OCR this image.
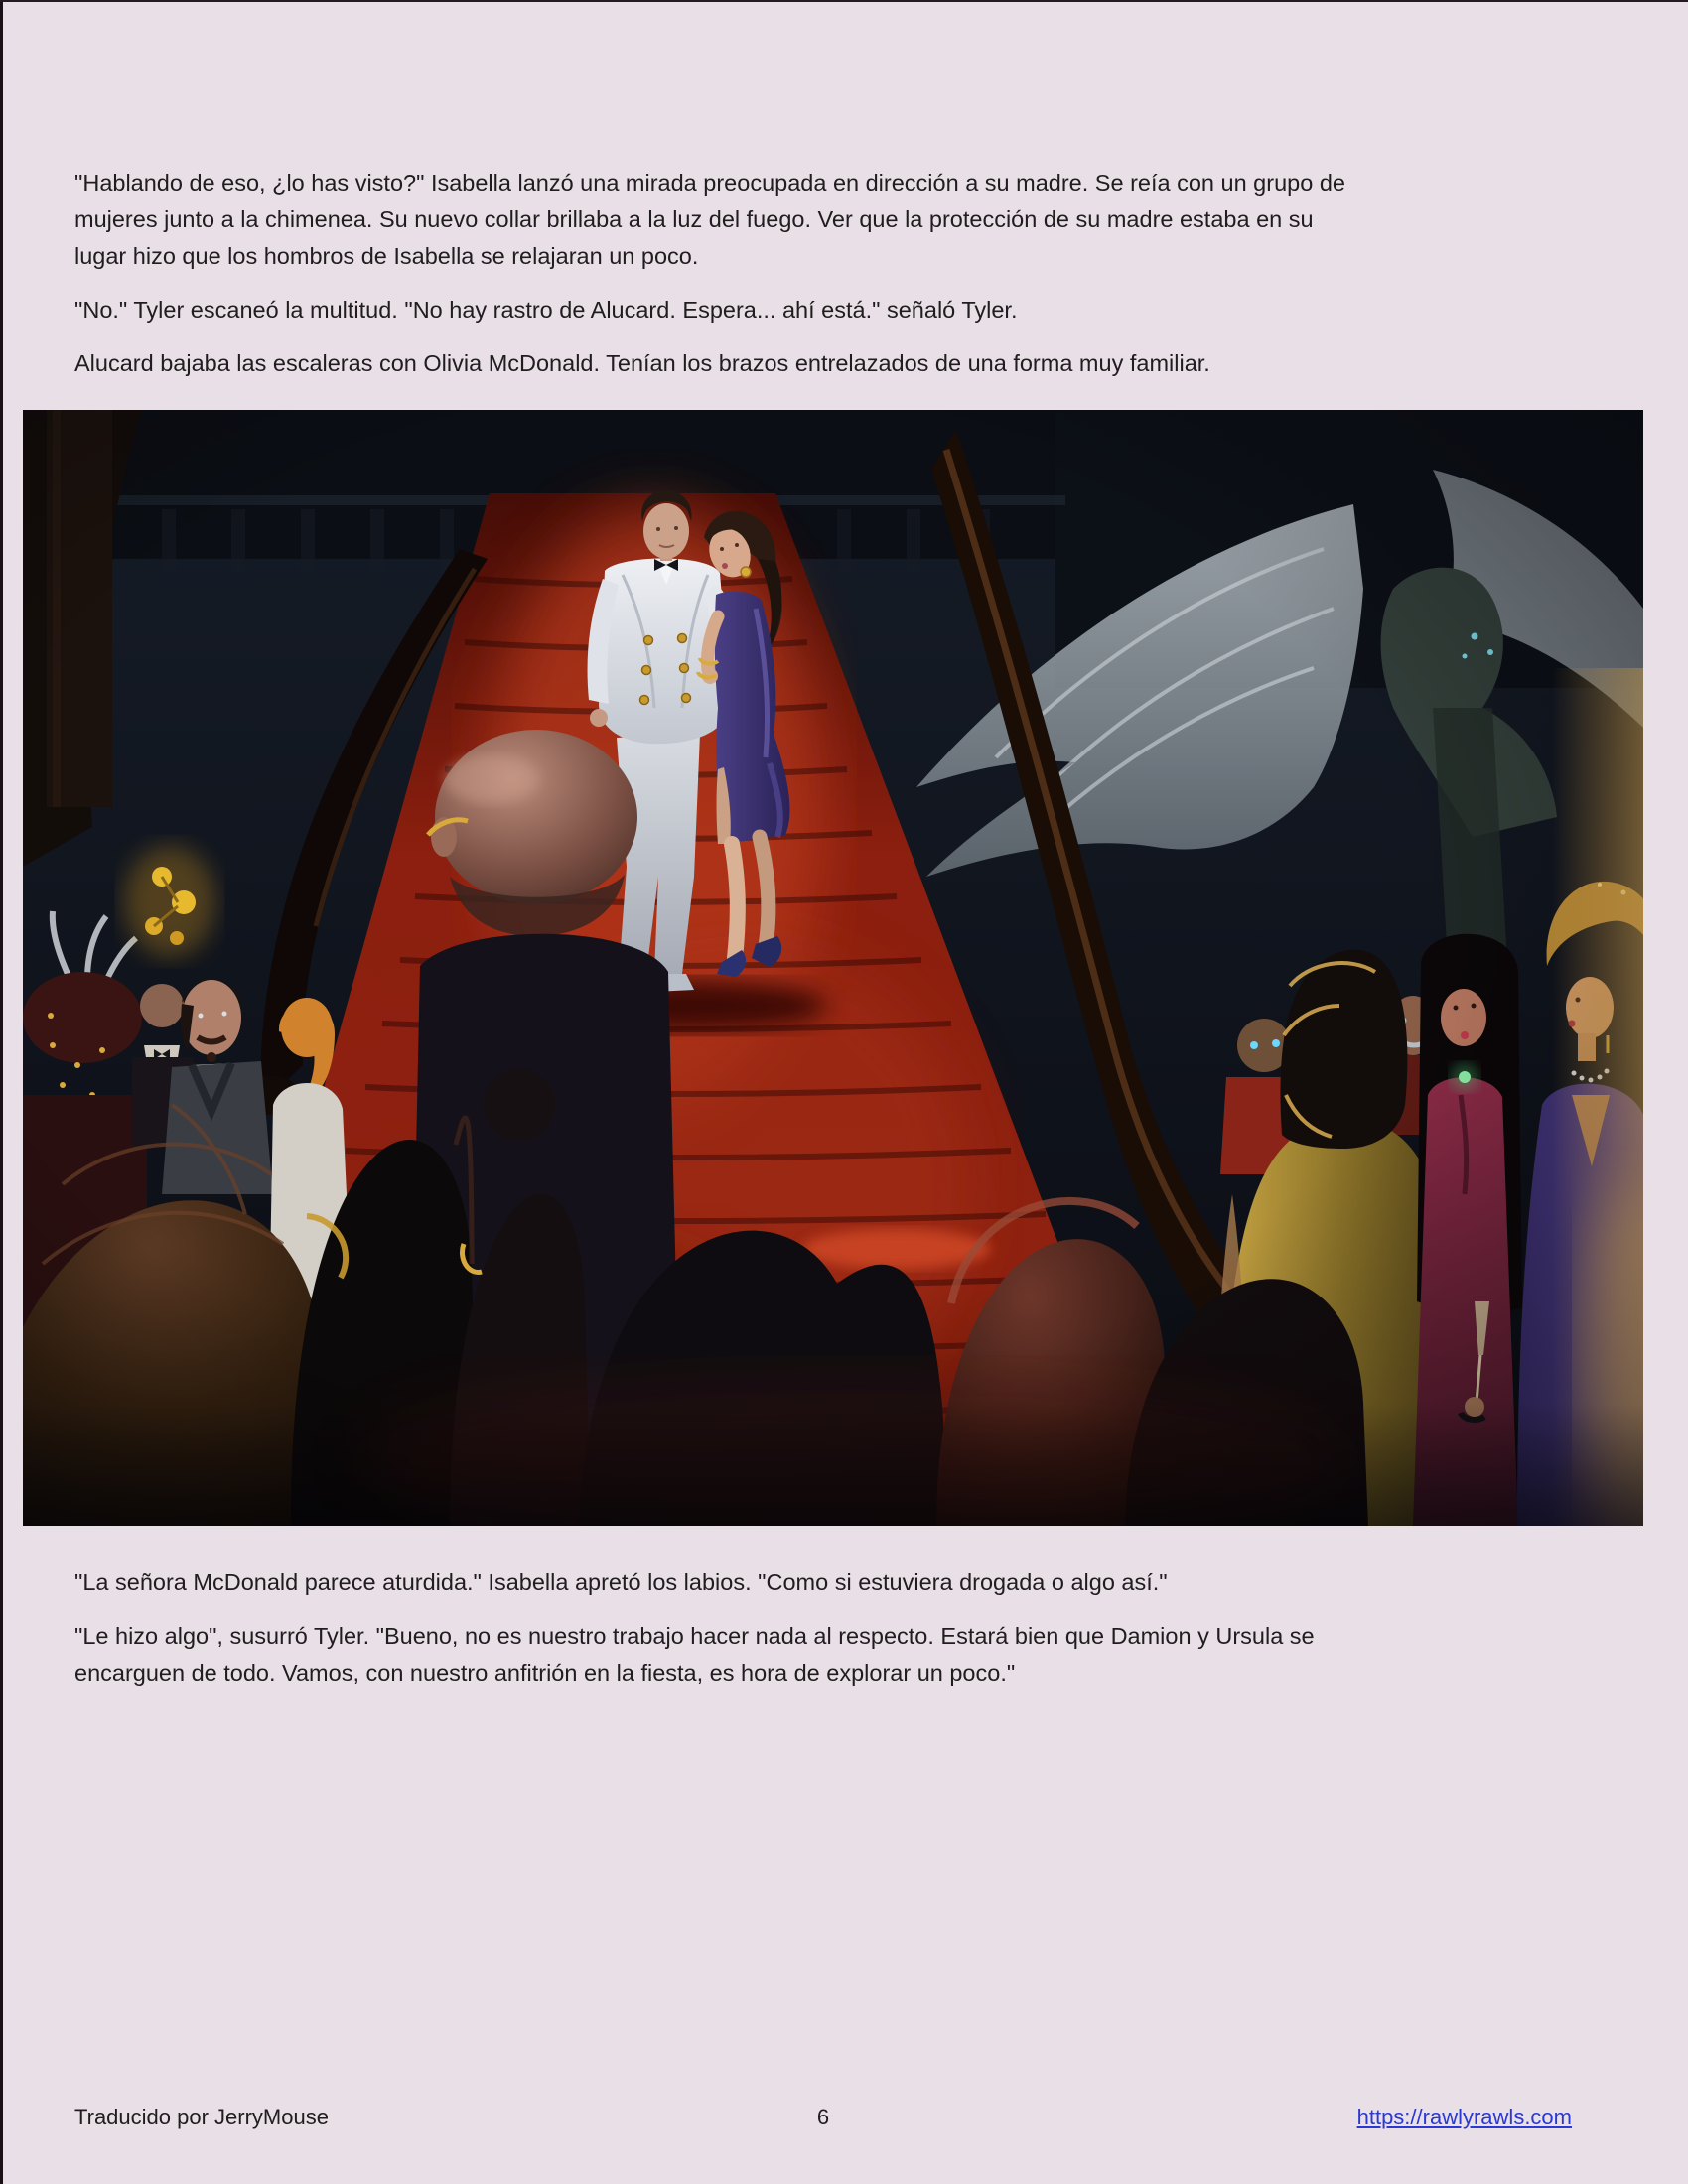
"Hablando de eso, ¿lo has visto?" Isabella lanzó una mirada preocupada en dirección a su madre. Se reía con un grupo de
mujeres junto a la chimenea. Su nuevo collar brillaba a la luz del fuego. Ver que la protección de su madre estaba en su
lugar hizo que los hombros de Isabella se relajaran un poco.

"No." Tyler escaneó la multitud. "No hay rastro de Alucard. Espera... ahí está." señaló Tyler.

Alucard bajaba las escaleras con Olivia McDonald. Tenían los brazos entrelazados de una forma muy familiar.

"La señora McDonald parece aturdida." Isabella apretó los labios. "Como si estuviera drogada o algo así."

"Le hizo algo", susurró Tyler. "Bueno, no es nuestro trabajo hacer nada al respecto. Estará bien que Damion y Ursula se
encarguen de todo. Vamos, con nuestro anfitrión en la fiesta, es hora de explorar un poco."

Traducido por JerryMouse	6	https://rawlyrawls.com
